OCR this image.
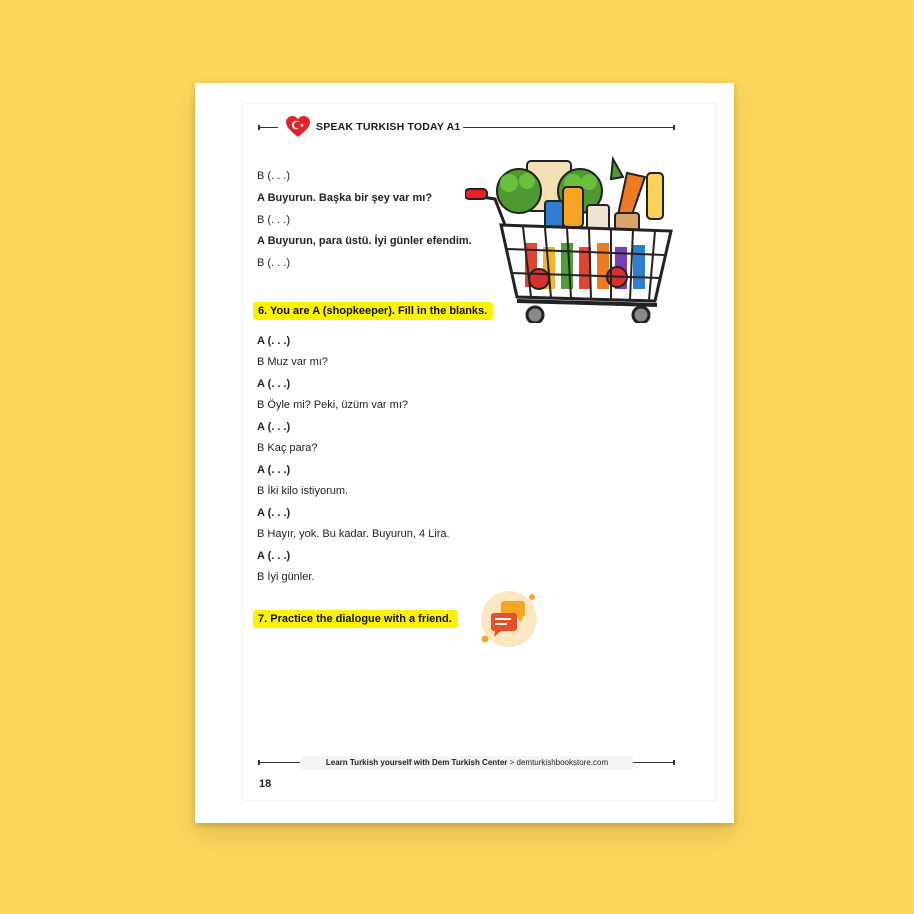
SPEAK TURKISH TODAY A1
B (. . .)
A Buyurun. Başka bir şey var mı?
B (. . .)
A Buyurun, para üstü. İyi günler efendim.
B (. . .)
6. You are A (shopkeeper). Fill in the blanks.
A (. . .)
B Muz var mı?
A (. . .)
B Öyle mi? Peki, üzüm var mı?
A (. . .)
B Kaç para?
A (. . .)
B İki kilo istiyorum.
A (. . .)
B Hayır, yok. Bu kadar. Buyurun, 4 Lira.
A (. . .)
B İyi günler.
7. Practice the dialogue with a friend.
Learn Turkish yourself with Dem Turkish Center > demturkishbookstore.com
18
